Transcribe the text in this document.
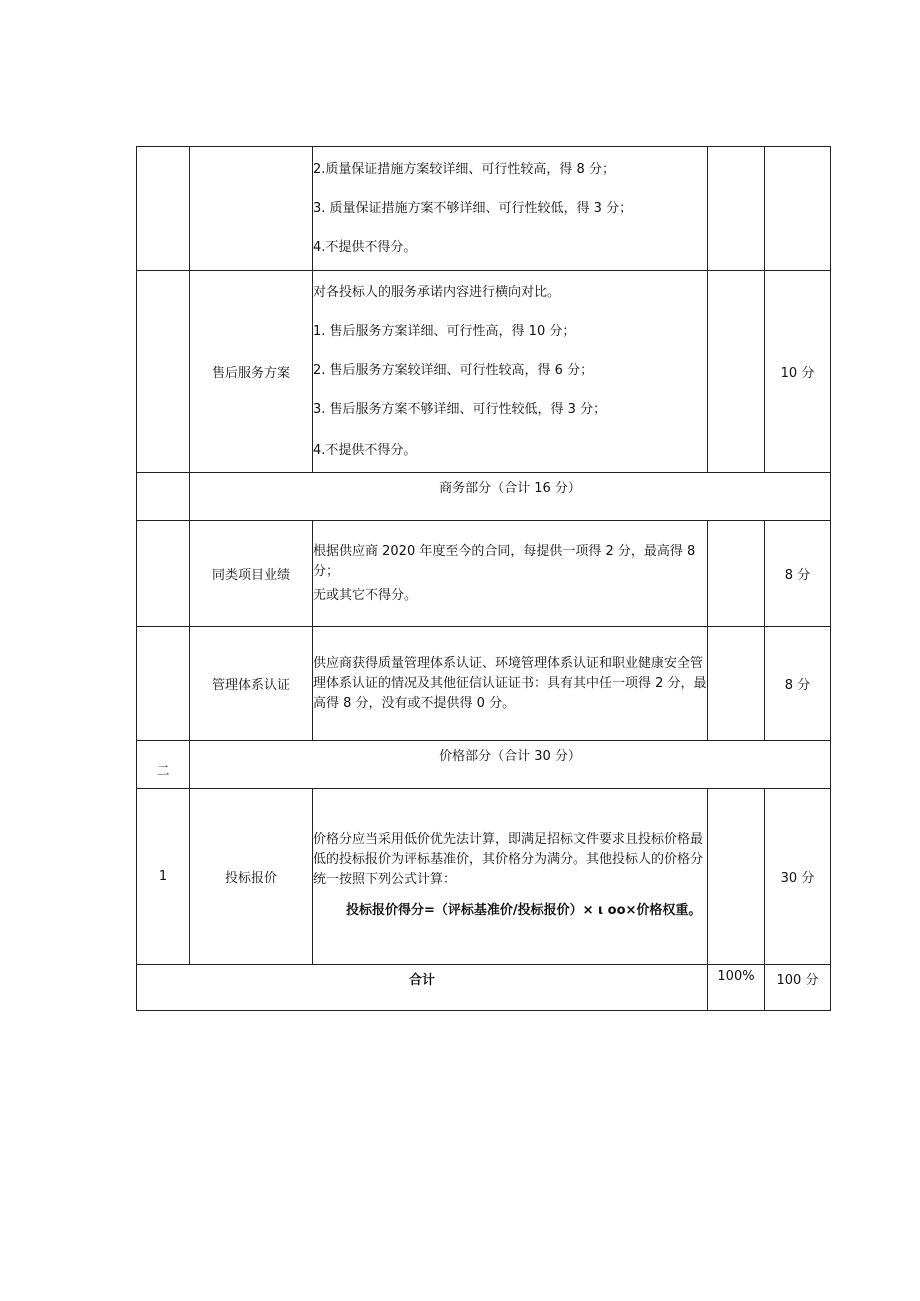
		2.质量保证措施方案较详细、可行性较高，得 8 分；

3. 质量保证措施方案不够详细、可行性较低，得 3 分；

4.不提供不得分。		

	售后服务方案	对各投标人的服务承诺内容进行横向对比。

1. 售后服务方案详细、可行性高，得 10 分；

2. 售后服务方案较详细、可行性较高，得 6 分；

3. 售后服务方案不够详细、可行性较低，得 3 分；

4.不提供不得分。		10 分
	商务部分（合计 16 分）			
	同类项目业绩	根据供应商 2020 年度至今的合同，每提供一项得 2 分，最高得 8 分；

无或其它不得分。		8 分
	管理体系认证	供应商获得质量管理体系认证、环境管理体系认证和职业健康安全管理体系认证的情况及其他征信认证证书：具有其中任一项得 2 分，最高得 8 分，没有或不提供得 0 分。		8 分
二	价格部分（合计 30 分）			
1	投标报价	价格分应当采用低价优先法计算，即满足招标文件要求且投标价格最低的投标报价为评标基准价，其价格分为满分。其他投标人的价格分统一按照下列公式计算：

投标报价得分=（评标基准价/投标报价）× ι oo×价格权重。		30 分
合计			100%	100 分
